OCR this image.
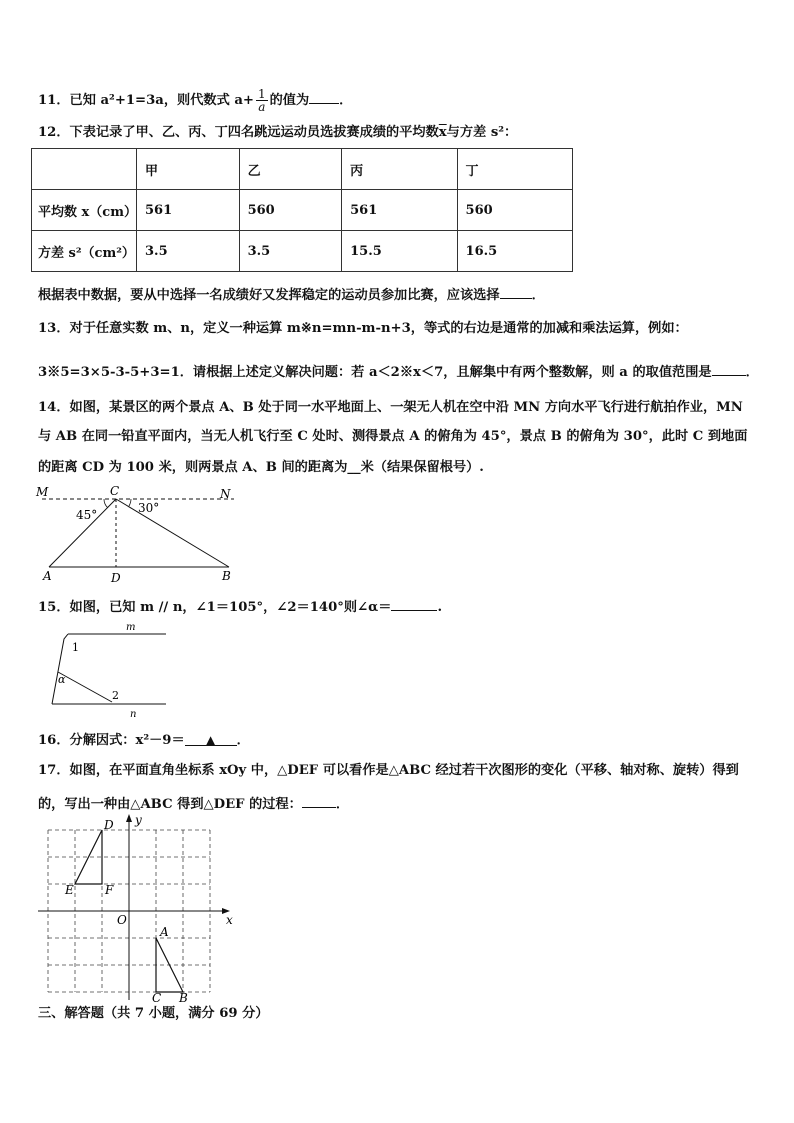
11．已知 a²+1=3a，则代数式 $a+ \frac{1}{a}$ 的值为 ．
12．下表记录了甲、乙、丙、丁四名跳远运动员选拔赛成绩的平均数$\overline{x}$与方差 s²：
	甲	乙	丙	丁
平均数 x（cm）	561	560	561	560
方差 s²（cm²）	3.5	3.5	15.5	16.5
根据表中数据，要从中选择一名成绩好又发挥稳定的运动员参加比赛，应该选择 ．
13．对于任意实数 m、n，定义一种运算 m※n=mn-m-n+3，等式的右边是通常的加减和乘法运算，例如：
3※5=3×5-3-5+3=1．请根据上述定义解决问题：若 a＜2※x＜7，且解集中有两个整数解，则 a 的取值范围是	．
14．如图，某景区的两个景点 A、B 处于同一水平地面上、一架无人机在空中沿 MN 方向水平飞行进行航拍作业，MN
与 AB 在同一铅直平面内，当无人机飞行至 C 处时、测得景点 A 的俯角为 45°，景点 B 的俯角为 30°，此时 C 到地面
的距离 CD 为 100 米，则两景点 A、B 间的距离为__米（结果保留根号）.
M	C	N
45°	30°
A	D	B
15．如图，已知 m // n，∠1＝105°，∠2＝140°则∠α＝	.
m
n
1
2
α
16．分解因式：x²－9＝ ▲ ．
17．如图，在平面直角坐标系 xOy 中，△DEF 可以看作是△ABC 经过若干次图形的变化（平移、轴对称、旋转）得到
的，写出一种由△ABC 得到△DEF 的过程：	．
y
x
O
D
E	F
A
C B
三、解答题（共 7 小题，满分 69 分）
